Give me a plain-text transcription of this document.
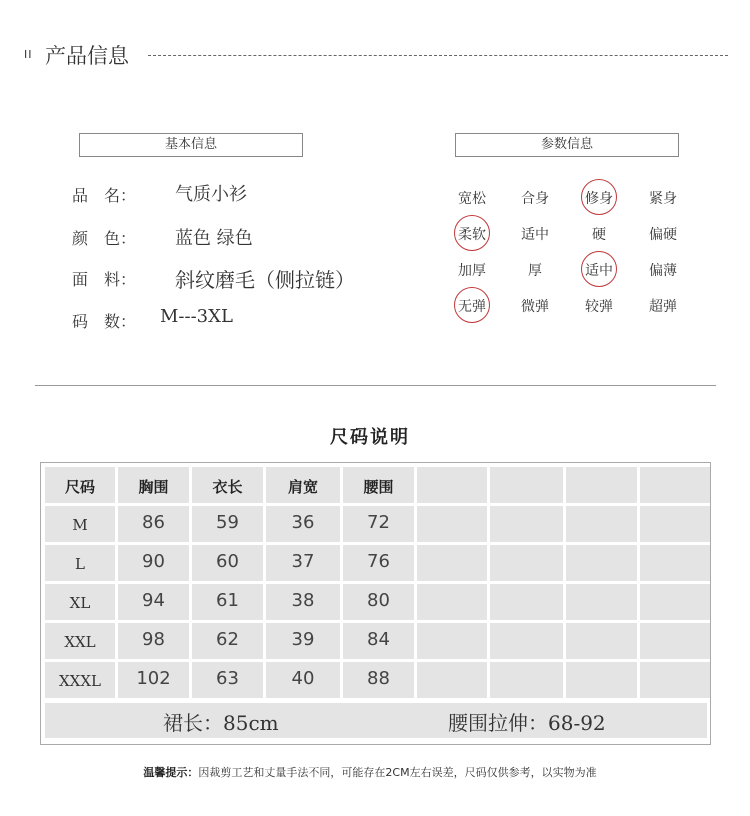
II 产品信息
基本信息
品　名： 气质小衫
颜　色： 蓝色 绿色
面　料： 斜纹磨毛（侧拉链）
码　数： M---3XL
参数信息
宽松	合身	修身	紧身
柔软	适中	硬	偏硬
加厚	厚	适中	偏薄
无弹	微弹	较弹	超弹
尺码说明
尺码	胸围	衣长	肩宽	腰围
M	86	59	36	72
L	90	60	37	76
XL	94	61	38	80
XXL	98	62	39	84
XXXL	102	63	40	88
裙长：85cm	腰围拉伸：68-92
温馨提示：因裁剪工艺和丈量手法不同，可能存在2CM左右误差，尺码仅供参考，以实物为准
